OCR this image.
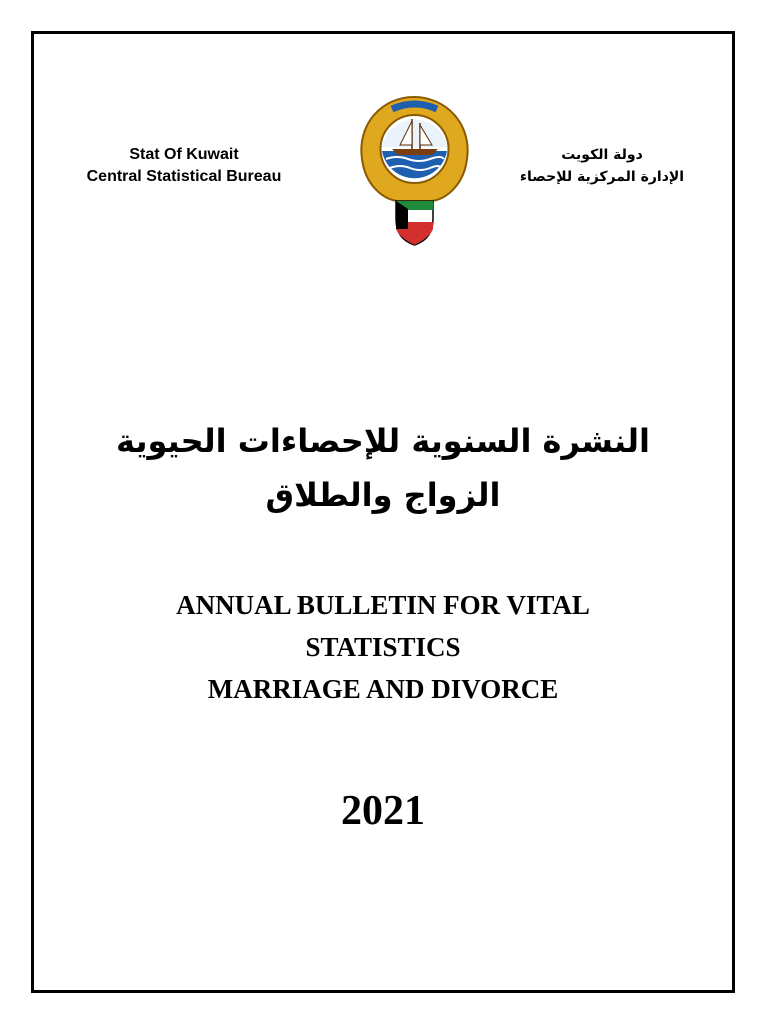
Stat Of Kuwait
Central Statistical Bureau
دولة الكويت
الإدارة المركزية للإحصاء
النشرة السنوية للإحصاءات الحيوية
الزواج والطلاق
ANNUAL BULLETIN FOR VITAL
STATISTICS
MARRIAGE AND DIVORCE
2021
